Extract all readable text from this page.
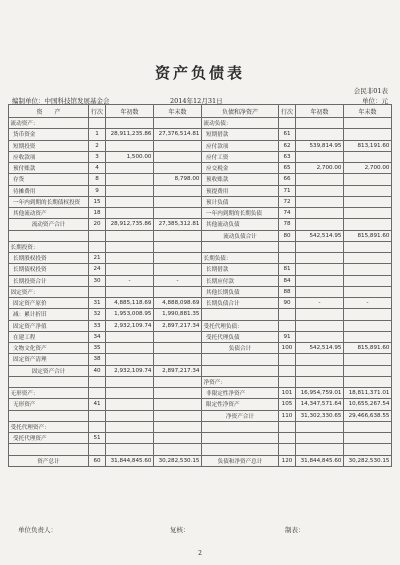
资产负债表
会民非01表
编制单位：中国科技馆发展基金会	2014年12月31日	单位：元
资　　产	行次	年初数	年末数	负债和净资产	行次	年初数	年末数
流动资产：				流动负债：			
货币资金	1	28,911,235.86	27,376,514.81	短期借款	61		
短期投资	2			应付款项	62	539,814.95	813,191.60
应收款项	3	1,500.00		应付工资	63		
预付账款	4			应交税金	65	2,700.00	2,700.00
存货	8		8,798.00	预收账款	66		
待摊费用	9			预提费用	71		
一年内到期的长期债权投资	15			预计负债	72		
其他流动资产	18			一年内到期的长期负债	74		
流动资产合计	20	28,912,735.86	27,385,312.81	其他流动负债	78		
				流动负债合计	80	542,514.95	815,891.60
长期投资：							
长期股权投资	21			长期负债：			
长期债权投资	24			长期借款	81		
长期投资合计	30	-	-	长期应付款	84		
固定资产：				其他长期负债	88		
固定资产原价	31	4,885,118.69	4,888,098.69	长期负债合计	90	-	-
减：累计折旧	32	1,953,008.95	1,990,881.35				
固定资产净值	33	2,932,109.74	2,897,217.34	受托代理负债：			
在建工程	34			受托代理负债	91		
文物文化资产	35			负债合计	100	542,514.95	815,891.60
固定资产清理	38						
固定资产合计	40	2,932,109.74	2,897,217.34				
				净资产：			
无形资产：				非限定性净资产	101	16,954,759.01	18,811,371.01
无形资产	41			限定性净资产	105	14,347,571.64	10,655,267.54
				净资产合计	110	31,302,330.65	29,466,638.55
受托代理资产：							
受托代理资产	51						

资产总计	60	31,844,845.60	30,282,530.15	负债和净资产总计	120	31,844,845.60	30,282,530.15
单位负责人：	复核：	制表：
2
